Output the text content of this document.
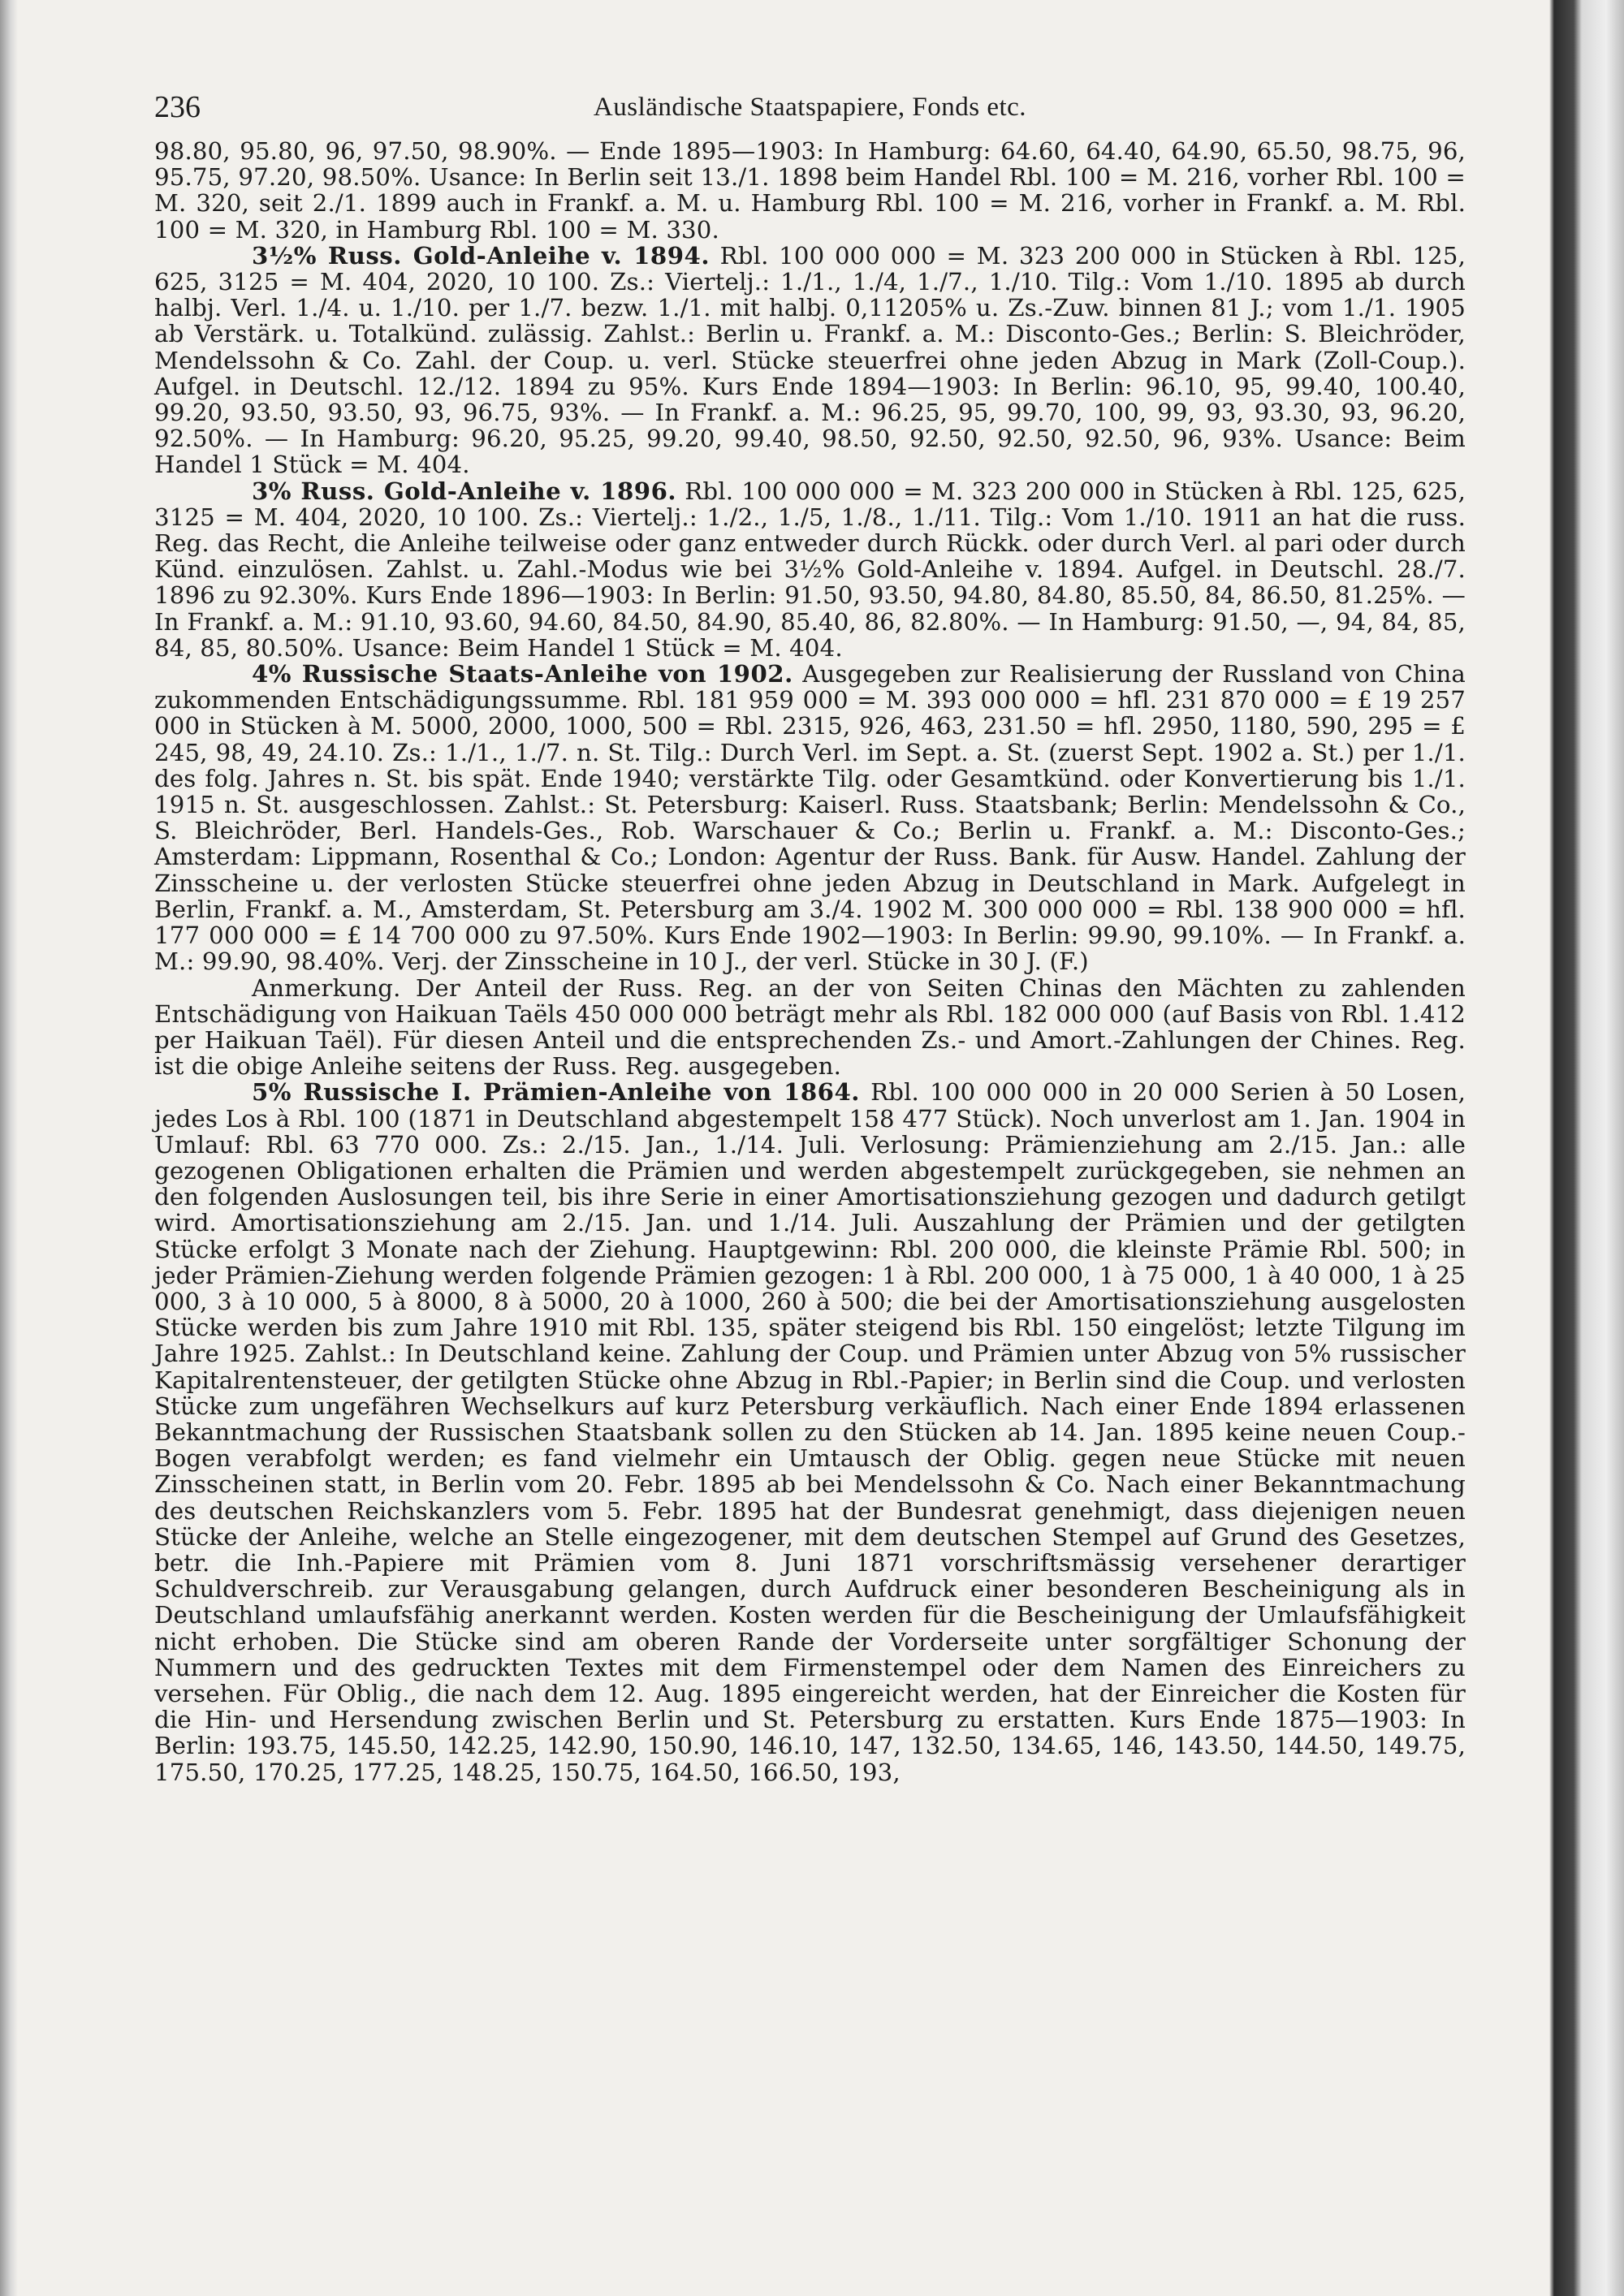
236	Ausländische Staatspapiere, Fonds etc.

98.80, 95.80, 96, 97.50, 98.90%. — Ende 1895—1903: In Hamburg: 64.60, 64.40, 64.90, 65.50, 98.75, 96, 95.75, 97.20, 98.50%. Usance: In Berlin seit 13./1. 1898 beim Handel Rbl. 100 = M. 216, vorher Rbl. 100 = M. 320, seit 2./1. 1899 auch in Frankf. a. M. u. Hamburg Rbl. 100 = M. 216, vorher in Frankf. a. M. Rbl. 100 = M. 320, in Hamburg Rbl. 100 = M. 330.

3½% Russ. Gold-Anleihe v. 1894. Rbl. 100 000 000 = M. 323 200 000 in Stücken à Rbl. 125, 625, 3125 = M. 404, 2020, 10 100. Zs.: Viertelj.: 1./1., 1./4, 1./7., 1./10. Tilg.: Vom 1./10. 1895 ab durch halbj. Verl. 1./4. u. 1./10. per 1./7. bezw. 1./1. mit halbj. 0,11205% u. Zs.-Zuw. binnen 81 J.; vom 1./1. 1905 ab Verstärk. u. Totalkünd. zulässig. Zahlst.: Berlin u. Frankf. a. M.: Disconto-Ges.; Berlin: S. Bleichröder, Mendelssohn & Co. Zahl. der Coup. u. verl. Stücke steuerfrei ohne jeden Abzug in Mark (Zoll-Coup.). Aufgel. in Deutschl. 12./12. 1894 zu 95%. Kurs Ende 1894—1903: In Berlin: 96.10, 95, 99.40, 100.40, 99.20, 93.50, 93.50, 93, 96.75, 93%. — In Frankf. a. M.: 96.25, 95, 99.70, 100, 99, 93, 93.30, 93, 96.20, 92.50%. — In Hamburg: 96.20, 95.25, 99.20, 99.40, 98.50, 92.50, 92.50, 92.50, 96, 93%. Usance: Beim Handel 1 Stück = M. 404.

3% Russ. Gold-Anleihe v. 1896. Rbl. 100 000 000 = M. 323 200 000 in Stücken à Rbl. 125, 625, 3125 = M. 404, 2020, 10 100. Zs.: Viertelj.: 1./2., 1./5, 1./8., 1./11. Tilg.: Vom 1./10. 1911 an hat die russ. Reg. das Recht, die Anleihe teilweise oder ganz entweder durch Rückk. oder durch Verl. al pari oder durch Künd. einzulösen. Zahlst. u. Zahl.-Modus wie bei 3½% Gold-Anleihe v. 1894. Aufgel. in Deutschl. 28./7. 1896 zu 92.30%. Kurs Ende 1896—1903: In Berlin: 91.50, 93.50, 94.80, 84.80, 85.50, 84, 86.50, 81.25%. — In Frankf. a. M.: 91.10, 93.60, 94.60, 84.50, 84.90, 85.40, 86, 82.80%. — In Hamburg: 91.50, —, 94, 84, 85, 84, 85, 80.50%. Usance: Beim Handel 1 Stück = M. 404.

4% Russische Staats-Anleihe von 1902. Ausgegeben zur Realisierung der Russland von China zukommenden Entschädigungssumme. Rbl. 181 959 000 = M. 393 000 000 = hfl. 231 870 000 = £ 19 257 000 in Stücken à M. 5000, 2000, 1000, 500 = Rbl. 2315, 926, 463, 231.50 = hfl. 2950, 1180, 590, 295 = £ 245, 98, 49, 24.10. Zs.: 1./1., 1./7. n. St. Tilg.: Durch Verl. im Sept. a. St. (zuerst Sept. 1902 a. St.) per 1./1. des folg. Jahres n. St. bis spät. Ende 1940; verstärkte Tilg. oder Gesamtkünd. oder Konvertierung bis 1./1. 1915 n. St. ausgeschlossen. Zahlst.: St. Petersburg: Kaiserl. Russ. Staatsbank; Berlin: Mendelssohn & Co., S. Bleichröder, Berl. Handels-Ges., Rob. Warschauer & Co.; Berlin u. Frankf. a. M.: Disconto-Ges.; Amsterdam: Lippmann, Rosenthal & Co.; London: Agentur der Russ. Bank. für Ausw. Handel. Zahlung der Zinsscheine u. der verlosten Stücke steuerfrei ohne jeden Abzug in Deutschland in Mark. Aufgelegt in Berlin, Frankf. a. M., Amsterdam, St. Petersburg am 3./4. 1902 M. 300 000 000 = Rbl. 138 900 000 = hfl. 177 000 000 = £ 14 700 000 zu 97.50%. Kurs Ende 1902—1903: In Berlin: 99.90, 99.10%. — In Frankf. a. M.: 99.90, 98.40%. Verj. der Zinsscheine in 10 J., der verl. Stücke in 30 J. (F.)

Anmerkung. Der Anteil der Russ. Reg. an der von Seiten Chinas den Mächten zu zahlenden Entschädigung von Haikuan Taëls 450 000 000 beträgt mehr als Rbl. 182 000 000 (auf Basis von Rbl. 1.412 per Haikuan Taël). Für diesen Anteil und die entsprechenden Zs.- und Amort.-Zahlungen der Chines. Reg. ist die obige Anleihe seitens der Russ. Reg. ausgegeben.

5% Russische I. Prämien-Anleihe von 1864. Rbl. 100 000 000 in 20 000 Serien à 50 Losen, jedes Los à Rbl. 100 (1871 in Deutschland abgestempelt 158 477 Stück). Noch unverlost am 1. Jan. 1904 in Umlauf: Rbl. 63 770 000. Zs.: 2./15. Jan., 1./14. Juli. Verlosung: Prämienziehung am 2./15. Jan.: alle gezogenen Obligationen erhalten die Prämien und werden abgestempelt zurückgegeben, sie nehmen an den folgenden Auslosungen teil, bis ihre Serie in einer Amortisationsziehung gezogen und dadurch getilgt wird. Amortisationsziehung am 2./15. Jan. und 1./14. Juli. Auszahlung der Prämien und der getilgten Stücke erfolgt 3 Monate nach der Ziehung. Hauptgewinn: Rbl. 200 000, die kleinste Prämie Rbl. 500; in jeder Prämien-Ziehung werden folgende Prämien gezogen: 1 à Rbl. 200 000, 1 à 75 000, 1 à 40 000, 1 à 25 000, 3 à 10 000, 5 à 8000, 8 à 5000, 20 à 1000, 260 à 500; die bei der Amortisationsziehung ausgelosten Stücke werden bis zum Jahre 1910 mit Rbl. 135, später steigend bis Rbl. 150 eingelöst; letzte Tilgung im Jahre 1925. Zahlst.: In Deutschland keine. Zahlung der Coup. und Prämien unter Abzug von 5% russischer Kapitalrentensteuer, der getilgten Stücke ohne Abzug in Rbl.-Papier; in Berlin sind die Coup. und verlosten Stücke zum ungefähren Wechselkurs auf kurz Petersburg verkäuflich. Nach einer Ende 1894 erlassenen Bekanntmachung der Russischen Staatsbank sollen zu den Stücken ab 14. Jan. 1895 keine neuen Coup.-Bogen verabfolgt werden; es fand vielmehr ein Umtausch der Oblig. gegen neue Stücke mit neuen Zinsscheinen statt, in Berlin vom 20. Febr. 1895 ab bei Mendelssohn & Co. Nach einer Bekanntmachung des deutschen Reichskanzlers vom 5. Febr. 1895 hat der Bundesrat genehmigt, dass diejenigen neuen Stücke der Anleihe, welche an Stelle eingezogener, mit dem deutschen Stempel auf Grund des Gesetzes, betr. die Inh.-Papiere mit Prämien vom 8. Juni 1871 vorschriftsmässig versehener derartiger Schuldverschreib. zur Verausgabung gelangen, durch Aufdruck einer besonderen Bescheinigung als in Deutschland umlaufsfähig anerkannt werden. Kosten werden für die Bescheinigung der Umlaufsfähigkeit nicht erhoben. Die Stücke sind am oberen Rande der Vorderseite unter sorgfältiger Schonung der Nummern und des gedruckten Textes mit dem Firmenstempel oder dem Namen des Einreichers zu versehen. Für Oblig., die nach dem 12. Aug. 1895 eingereicht werden, hat der Einreicher die Kosten für die Hin- und Hersendung zwischen Berlin und St. Petersburg zu erstatten. Kurs Ende 1875—1903: In Berlin: 193.75, 145.50, 142.25, 142.90, 150.90, 146.10, 147, 132.50, 134.65, 146, 143.50, 144.50, 149.75, 175.50, 170.25, 177.25, 148.25, 150.75, 164.50, 166.50, 193,
